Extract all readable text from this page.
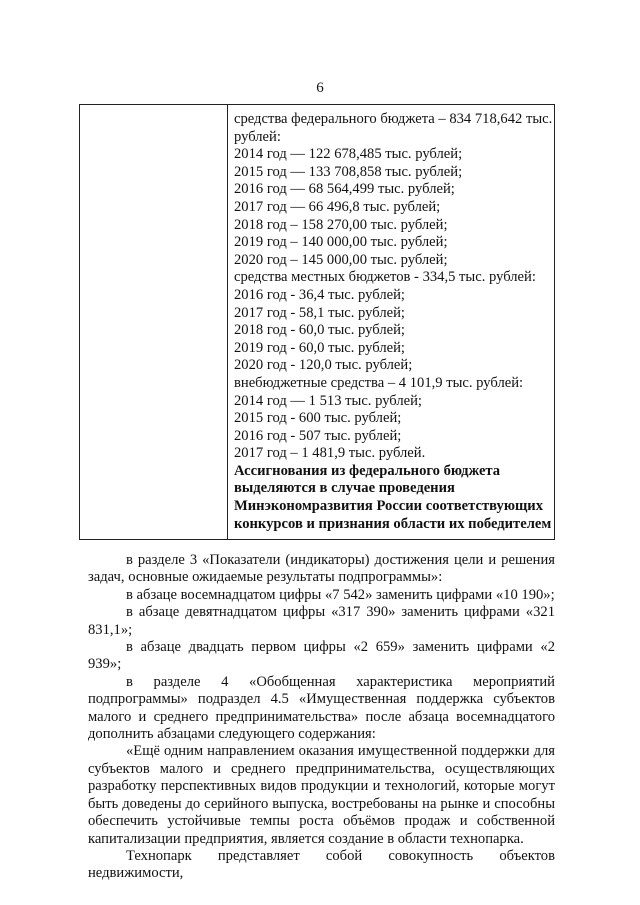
6
средства федерального бюджета – 834 718,642 тыс.
рублей:
2014 год — 122 678,485 тыс. рублей;
2015 год — 133 708,858 тыс. рублей;
2016 год — 68 564,499 тыс. рублей;
2017 год — 66 496,8 тыс. рублей;
2018 год – 158 270,00 тыс. рублей;
2019 год – 140 000,00 тыс. рублей;
2020 год – 145 000,00 тыс. рублей;
средства местных бюджетов - 334,5 тыс. рублей:
2016 год - 36,4 тыс. рублей;
2017 год - 58,1 тыс. рублей;
2018 год - 60,0 тыс. рублей;
2019 год - 60,0 тыс. рублей;
2020 год - 120,0 тыс. рублей;
внебюджетные средства – 4 101,9 тыс. рублей:
2014 год — 1 513 тыс. рублей;
2015 год - 600 тыс. рублей;
2016 год - 507 тыс. рублей;
2017 год – 1 481,9 тыс. рублей.
Ассигнования из федерального бюджета
выделяются в случае проведения
Минэкономразвития России соответствующих
конкурсов и признания области их победителем

в разделе 3 «Показатели (индикаторы) достижения цели и решения задач, основные ожидаемые результаты подпрограммы»:

в абзаце восемнадцатом цифры «7 542» заменить цифрами «10 190»;

в абзаце девятнадцатом цифры «317 390» заменить цифрами «321 831,1»;

в абзаце двадцать первом цифры «2 659» заменить цифрами «2 939»;

в разделе 4 «Обобщенная характеристика мероприятий подпрограммы» подраздел 4.5 «Имущественная поддержка субъектов малого и среднего предпринимательства» после абзаца восемнадцатого дополнить абзацами следующего содержания:

«Ещё одним направлением оказания имущественной поддержки для субъектов малого и среднего предпринимательства, осуществляющих разработку перспективных видов продукции и технологий, которые могут быть доведены до серийного выпуска, востребованы на рынке и способны обеспечить устойчивые темпы роста объёмов продаж и собственной капитализации предприятия, является создание в области технопарка.

Технопарк представляет собой совокупность объектов недвижимости,
